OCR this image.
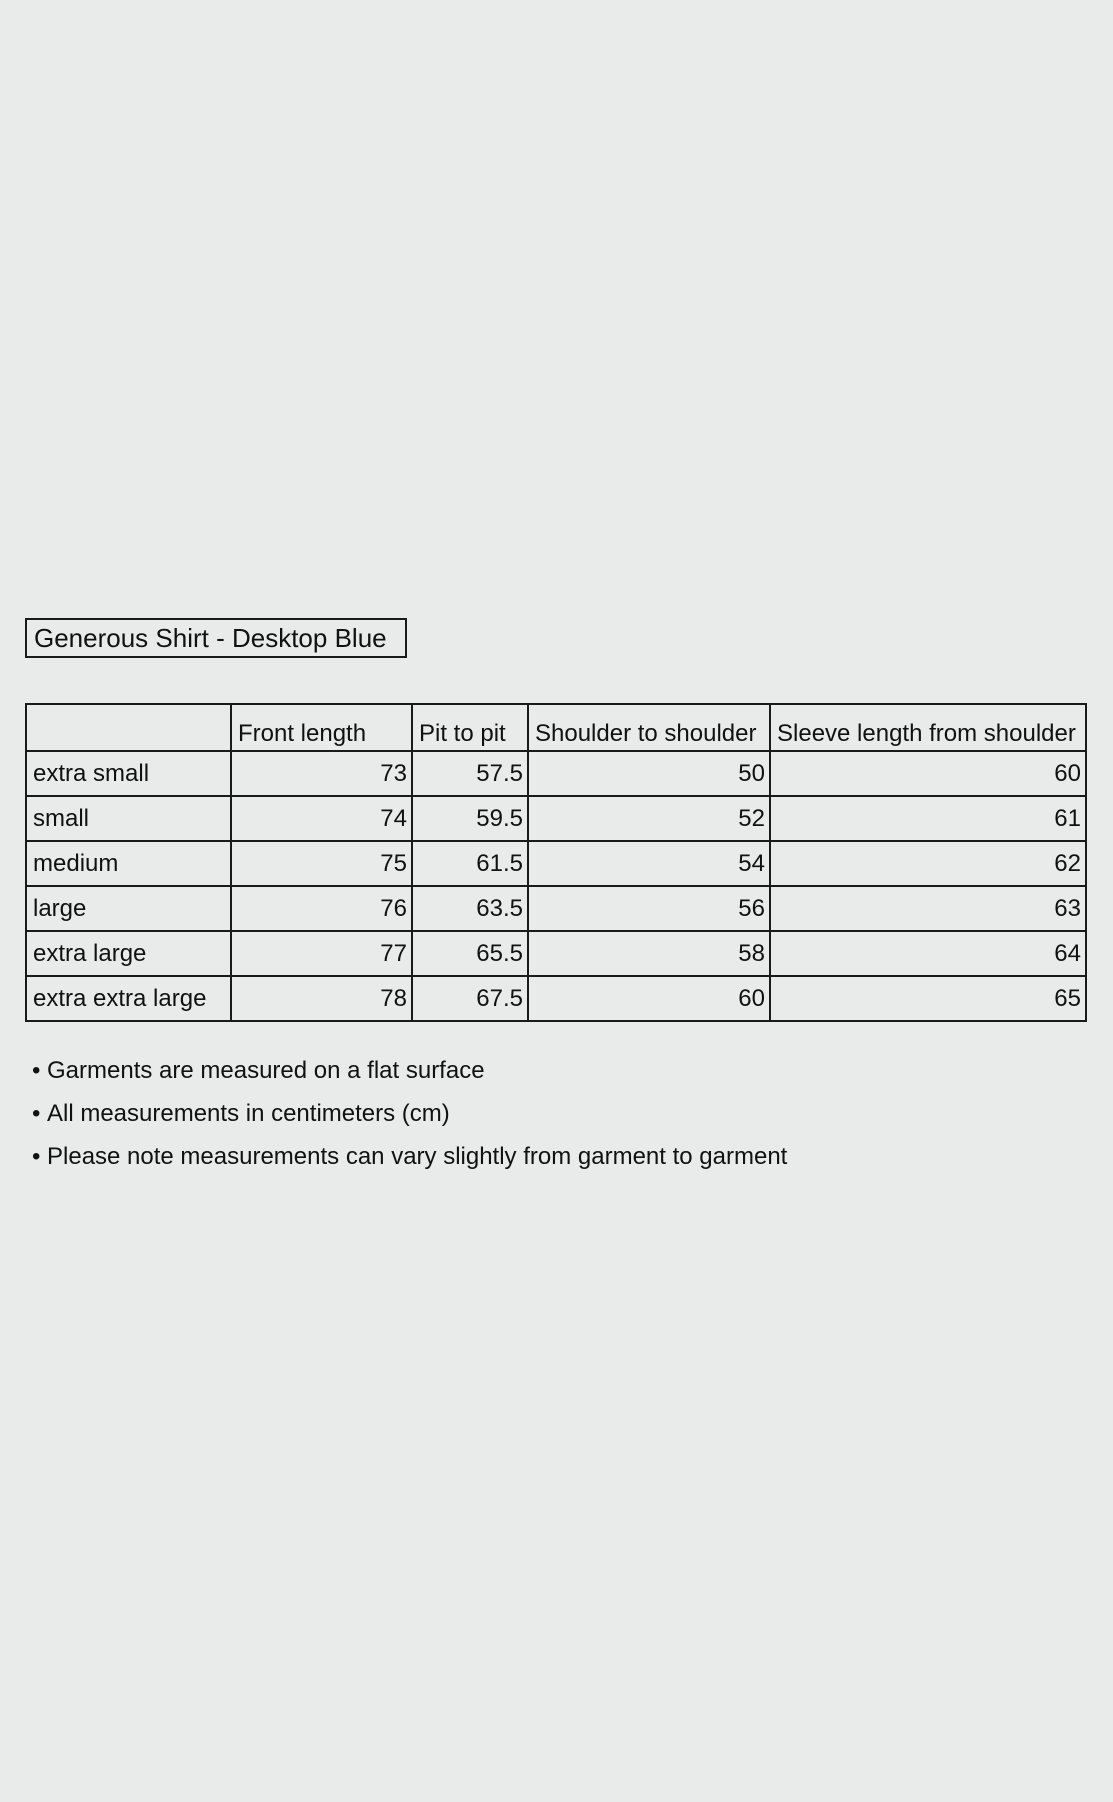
Generous Shirt - Desktop Blue
	Front length	Pit to pit	Shoulder to shoulder	Sleeve length from shoulder
extra small	73	57.5	50	60
small	74	59.5	52	61
medium	75	61.5	54	62
large	76	63.5	56	63
extra large	77	65.5	58	64
extra extra large	78	67.5	60	65
• Garments are measured on a flat surface
• All measurements in centimeters (cm)
• Please note measurements can vary slightly from garment to garment
